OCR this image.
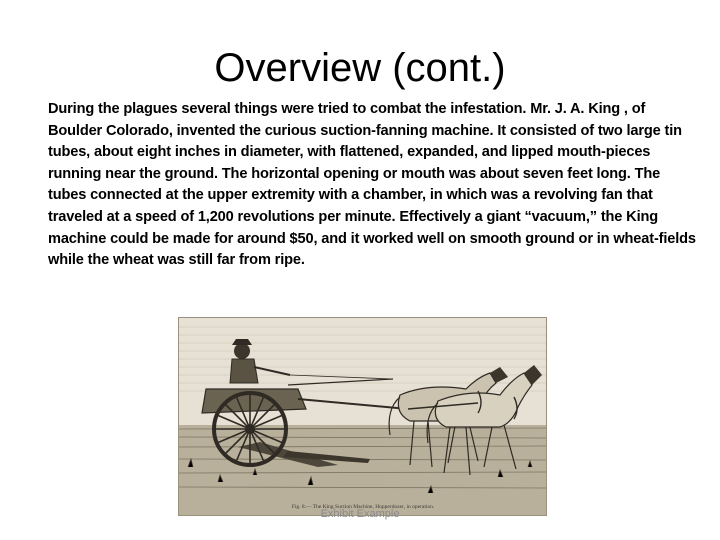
Overview (cont.)
During the plagues several things were tried to combat the infestation. Mr. J. A. King , of Boulder Colorado, invented the curious suction-fanning machine. It consisted of two large tin tubes, about eight inches in diameter, with flattened, expanded, and lipped mouth-pieces running near the ground. The horizontal opening or mouth was about seven feet long. The tubes connected at the upper extremity with a chamber, in which was a revolving fan that traveled at a speed of 1,200 revolutions per minute. Effectively a giant “vacuum,” the King machine could be made for around $50, and it worked well on smooth ground or in wheat-fields while the wheat was still far from ripe.
Fig. 8.— The King Suction Machine, Hopperdozer, in operation.
Exhibit Example
